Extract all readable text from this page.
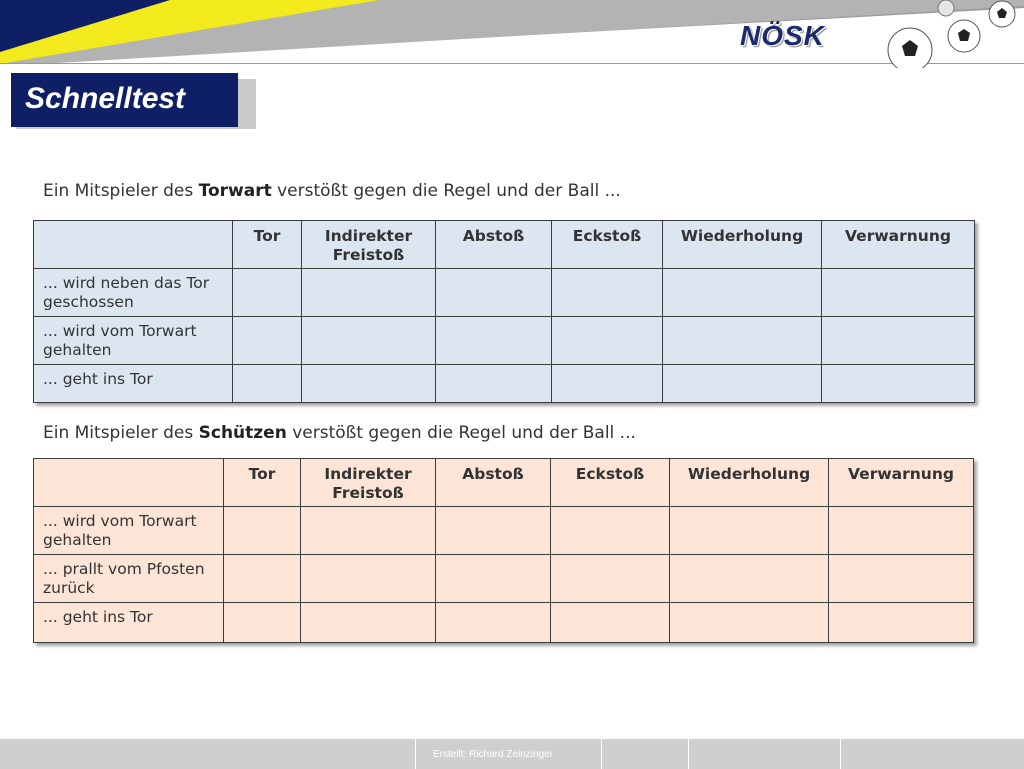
NÖSK
Schnelltest
Ein Mitspieler des Torwart verstößt gegen die Regel und der Ball ...
	Tor	Indirekter Freistoß	Abstoß	Eckstoß	Wiederholung	Verwarnung
... wird neben das Tor geschossen						
... wird vom Torwart gehalten						
... geht ins Tor						
Ein Mitspieler des Schützen verstößt gegen die Regel und der Ball ...
	Tor	Indirekter Freistoß	Abstoß	Eckstoß	Wiederholung	Verwarnung
... wird vom Torwart gehalten						
... prallt vom Pfosten zurück						
... geht ins Tor						
Erstellt: Richard Zeinzinger
